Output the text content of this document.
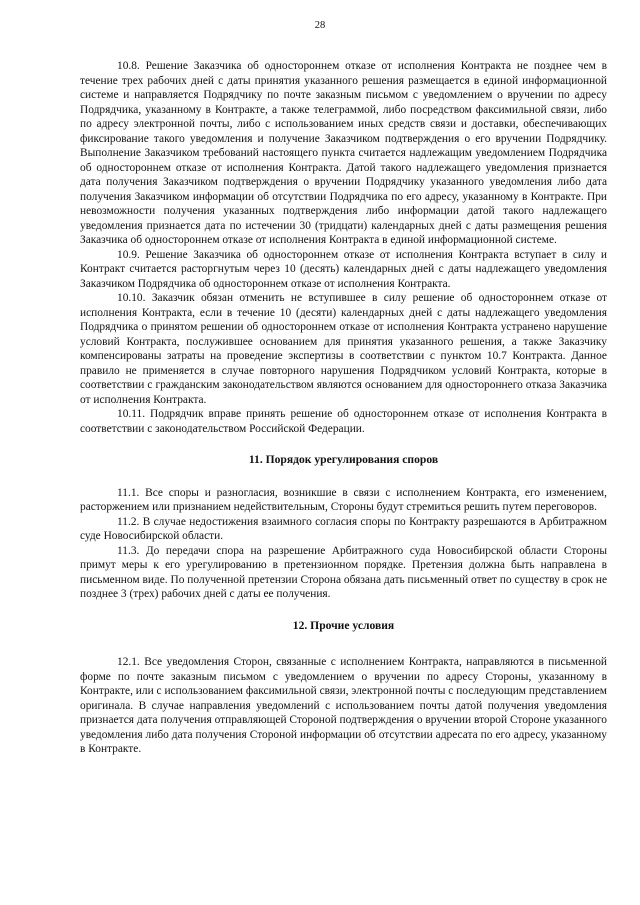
28

10.8. Решение Заказчика об одностороннем отказе от исполнения Контракта не позднее чем в течение трех рабочих дней с даты принятия указанного решения размещается в единой информационной системе и направляется Подрядчику по почте заказным письмом с уведомлением о вручении по адресу Подрядчика, указанному в Контракте, а также телеграммой, либо посредством факсимильной связи, либо по адресу электронной почты, либо с использованием иных средств связи и доставки, обеспечивающих фиксирование такого уведомления и получение Заказчиком подтверждения о его вручении Подрядчику. Выполнение Заказчиком требований настоящего пункта считается надлежащим уведомлением Подрядчика об одностороннем отказе от исполнения Контракта. Датой такого надлежащего уведомления признается дата получения Заказчиком подтверждения о вручении Подрядчику указанного уведомления либо дата получения Заказчиком информации об отсутствии Подрядчика по его адресу, указанному в Контракте. При невозможности получения указанных подтверждения либо информации датой такого надлежащего уведомления признается дата по истечении 30 (тридцати) календарных дней с даты размещения решения Заказчика об одностороннем отказе от исполнения Контракта в единой информационной системе.

10.9. Решение Заказчика об одностороннем отказе от исполнения Контракта вступает в силу и Контракт считается расторгнутым через 10 (десять) календарных дней с даты надлежащего уведомления Заказчиком Подрядчика об одностороннем отказе от исполнения Контракта.

10.10. Заказчик обязан отменить не вступившее в силу решение об одностороннем отказе от исполнения Контракта, если в течение 10 (десяти) календарных дней с даты надлежащего уведомления Подрядчика о принятом решении об одностороннем отказе от исполнения Контракта устранено нарушение условий Контракта, послужившее основанием для принятия указанного решения, а также Заказчику компенсированы затраты на проведение экспертизы в соответствии с пунктом 10.7 Контракта. Данное правило не применяется в случае повторного нарушения Подрядчиком условий Контракта, которые в соответствии с гражданским законодательством являются основанием для одностороннего отказа Заказчика от исполнения Контракта.

10.11. Подрядчик вправе принять решение об одностороннем отказе от исполнения Контракта в соответствии с законодательством Российской Федерации.

11. Порядок урегулирования споров

11.1. Все споры и разногласия, возникшие в связи с исполнением Контракта, его изменением, расторжением или признанием недействительным, Стороны будут стремиться решить путем переговоров.

11.2. В случае недостижения взаимного согласия споры по Контракту разрешаются в Арбитражном суде Новосибирской области.

11.3. До передачи спора на разрешение Арбитражного суда Новосибирской области Стороны примут меры к его урегулированию в претензионном порядке. Претензия должна быть направлена в письменном виде. По полученной претензии Сторона обязана дать письменный ответ по существу в срок не позднее 3 (трех) рабочих дней с даты ее получения.

12. Прочие условия

12.1. Все уведомления Сторон, связанные с исполнением Контракта, направляются в письменной форме по почте заказным письмом с уведомлением о вручении по адресу Стороны, указанному в Контракте, или с использованием факсимильной связи, электронной почты с последующим представлением оригинала. В случае направления уведомлений с использованием почты датой получения уведомления признается дата получения отправляющей Стороной подтверждения о вручении второй Стороне указанного уведомления либо дата получения Стороной информации об отсутствии адресата по его адресу, указанному в Контракте.
